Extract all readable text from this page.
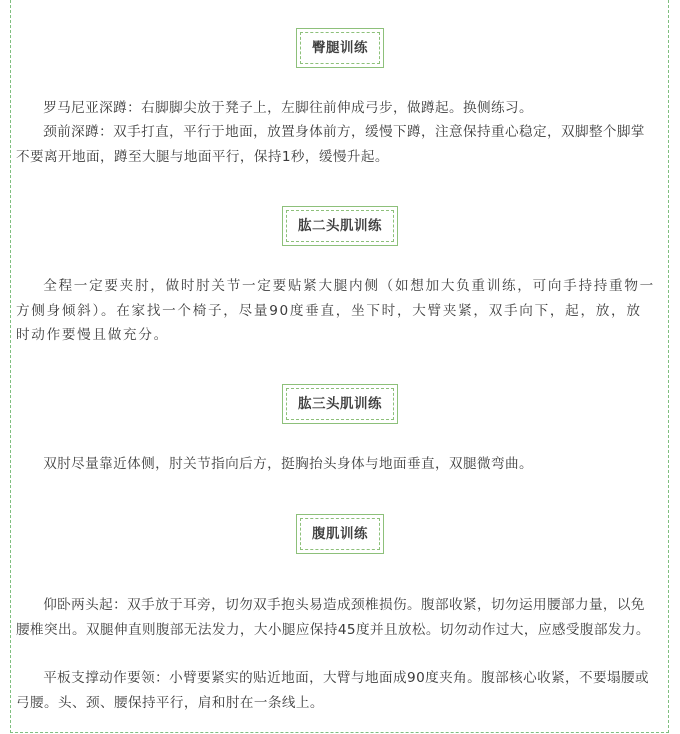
臀腿训练

罗马尼亚深蹲：右脚脚尖放于凳子上，左脚往前伸成弓步，做蹲起。换侧练习。

颈前深蹲：双手打直，平行于地面，放置身体前方，缓慢下蹲，注意保持重心稳定，双脚整个脚掌不要离开地面，蹲至大腿与地面平行，保持1秒，缓慢升起。

肱二头肌训练

全程一定要夹肘，做时肘关节一定要贴紧大腿内侧（如想加大负重训练，可向手持持重物一方侧身倾斜）。在家找一个椅子，尽量90度垂直，坐下时，大臂夹紧，双手向下，起，放，放时动作要慢且做充分。

肱三头肌训练

双肘尽量靠近体侧，肘关节指向后方，挺胸抬头身体与地面垂直，双腿微弯曲。

腹肌训练

仰卧两头起：双手放于耳旁，切勿双手抱头易造成颈椎损伤。腹部收紧，切勿运用腰部力量，以免腰椎突出。双腿伸直则腹部无法发力，大小腿应保持45度并且放松。切勿动作过大，应感受腹部发力。

平板支撑动作要领：小臂要紧实的贴近地面，大臂与地面成90度夹角。腹部核心收紧，不要塌腰或弓腰。头、颈、腰保持平行，肩和肘在一条线上。
